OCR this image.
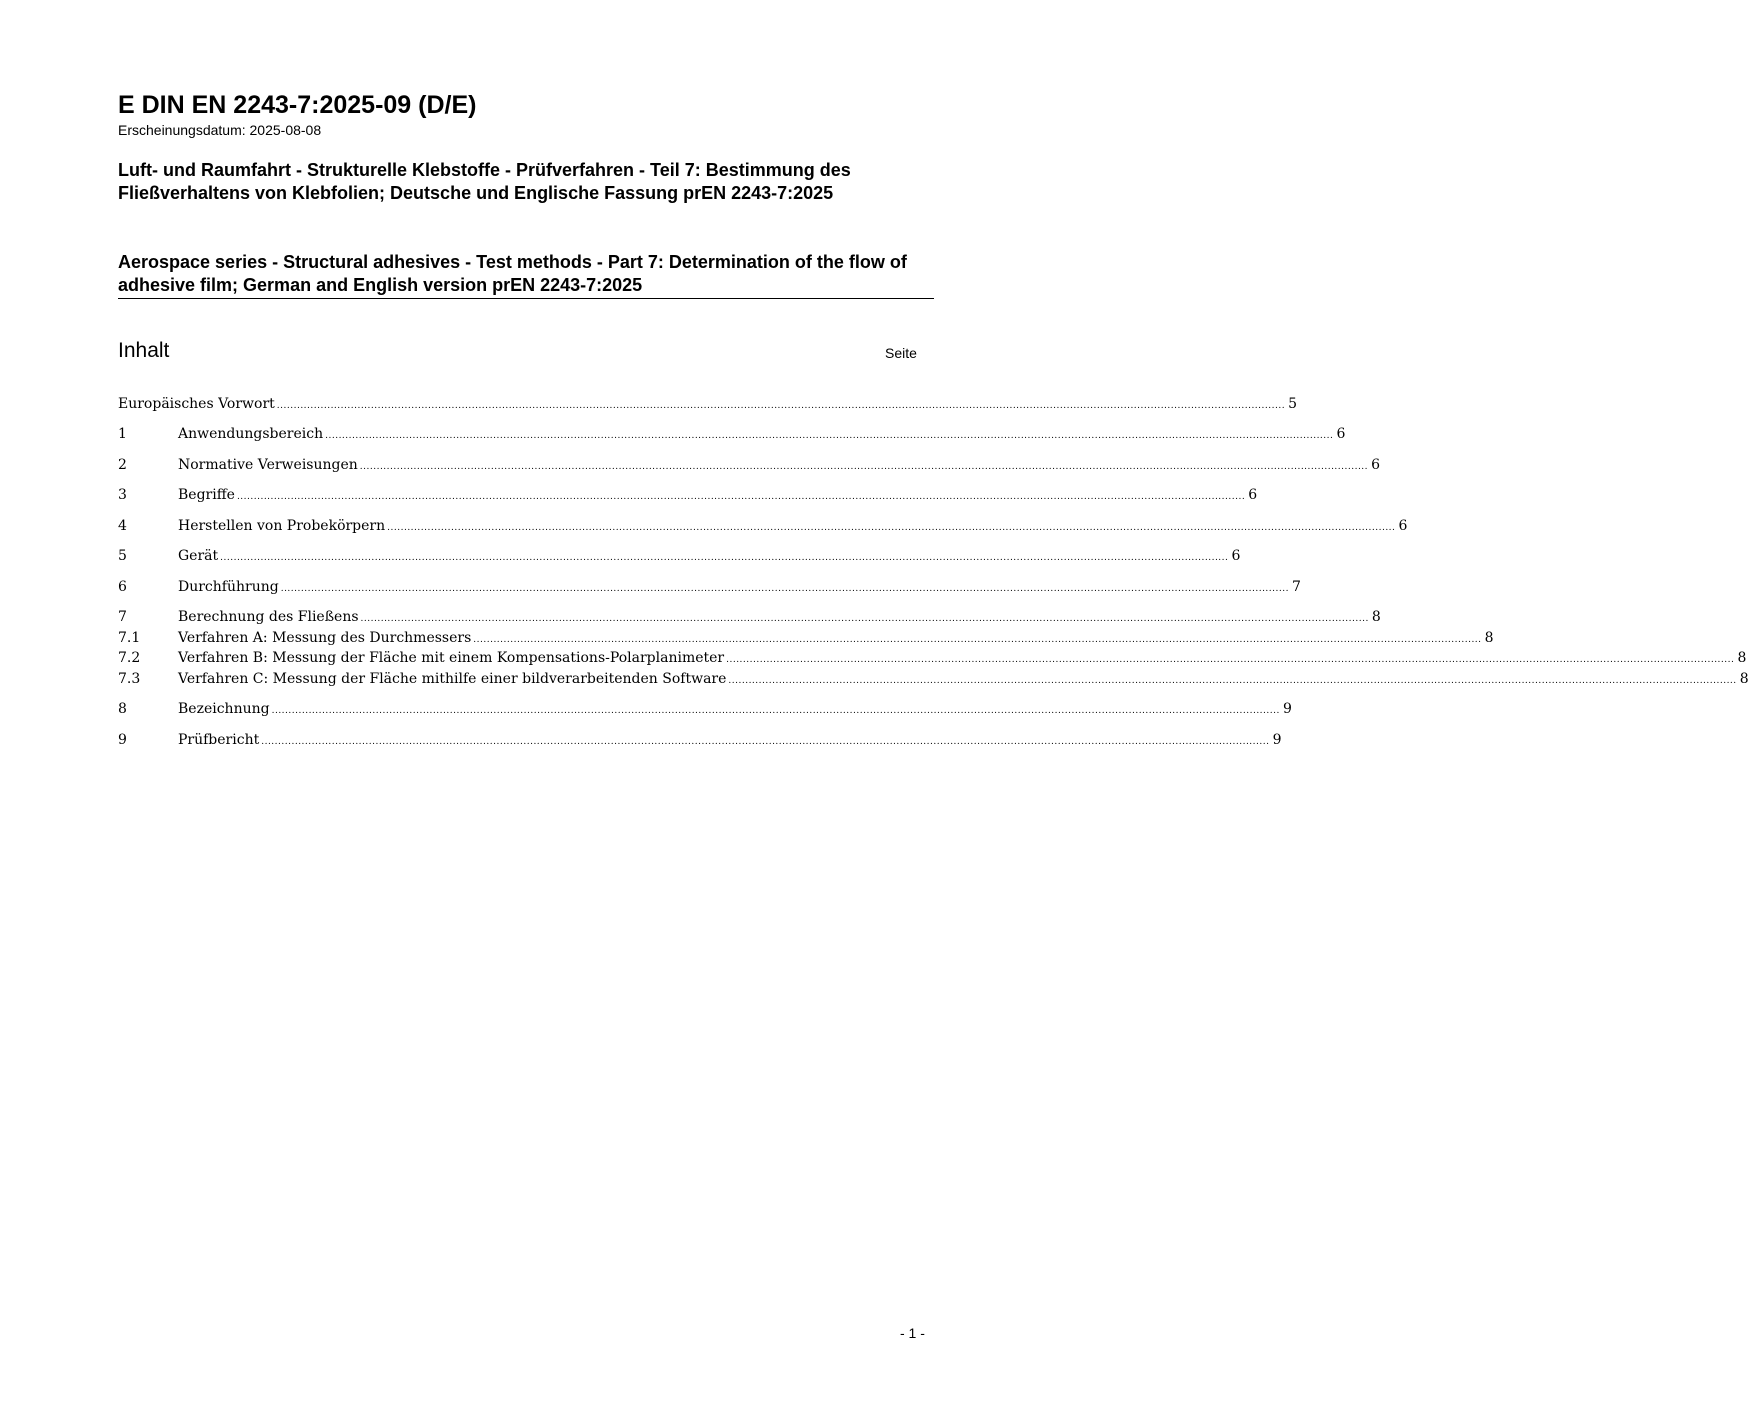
E DIN EN 2243-7:2025-09 (D/E)
Erscheinungsdatum: 2025-08-08
Luft- und Raumfahrt - Strukturelle Klebstoffe - Prüfverfahren - Teil 7: Bestimmung des Fließverhaltens von Klebfolien; Deutsche und Englische Fassung prEN 2243-7:2025
Aerospace series - Structural adhesives - Test methods - Part 7: Determination of the flow of adhesive film; German and English version prEN 2243-7:2025
Inhalt	Seite
Europäisches Vorwort ............................................................................................................................................................................................................................................................................................................ 5
1	Anwendungsbereich ............................................................................................................................................................................................................................................................................................................ 6
2	Normative Verweisungen ............................................................................................................................................................................................................................................................................................................ 6
3	Begriffe ............................................................................................................................................................................................................................................................................................................ 6
4	Herstellen von Probekörpern ............................................................................................................................................................................................................................................................................................................ 6
5	Gerät ............................................................................................................................................................................................................................................................................................................ 6
6	Durchführung ............................................................................................................................................................................................................................................................................................................ 7
7	Berechnung des Fließens ............................................................................................................................................................................................................................................................................................................ 8
7.1	Verfahren A: Messung des Durchmessers ............................................................................................................................................................................................................................................................................................................ 8
7.2	Verfahren B: Messung der Fläche mit einem Kompensations-Polarplanimeter ............................................................................................................................................................................................................................................................................................................ 8
7.3	Verfahren C: Messung der Fläche mithilfe einer bildverarbeitenden Software ............................................................................................................................................................................................................................................................................................................ 8
8	Bezeichnung ............................................................................................................................................................................................................................................................................................................ 9
9	Prüfbericht ............................................................................................................................................................................................................................................................................................................ 9
- 1 -
